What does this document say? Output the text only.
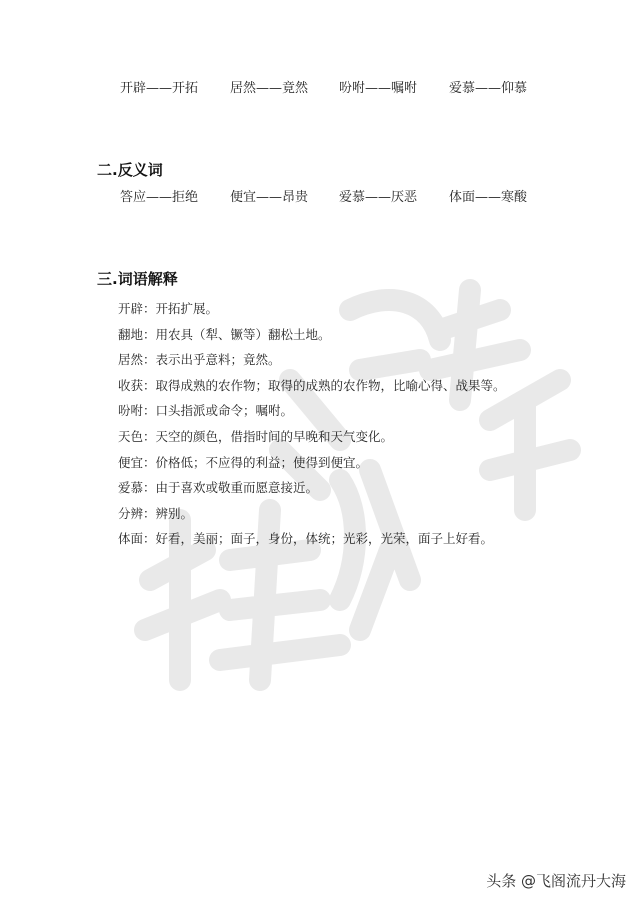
开辟——开拓 居然——竟然 吩咐——嘱咐 爱慕——仰慕
二.反义词
答应——拒绝 便宜——昂贵 爱慕——厌恶 体面——寒酸
三.词语解释
开辟：开拓扩展。
翻地：用农具（犁、镢等）翻松土地。
居然：表示出乎意料；竟然。
收获：取得成熟的农作物；取得的成熟的农作物，比喻心得、战果等。
吩咐：口头指派或命令；嘱咐。
天色：天空的颜色，借指时间的早晚和天气变化。
便宜：价格低；不应得的利益；使得到便宜。
爱慕：由于喜欢或敬重而愿意接近。
分辨：辨别。
体面：好看，美丽；面子，身份，体统；光彩，光荣，面子上好看。
头条 @飞阁流丹大海
